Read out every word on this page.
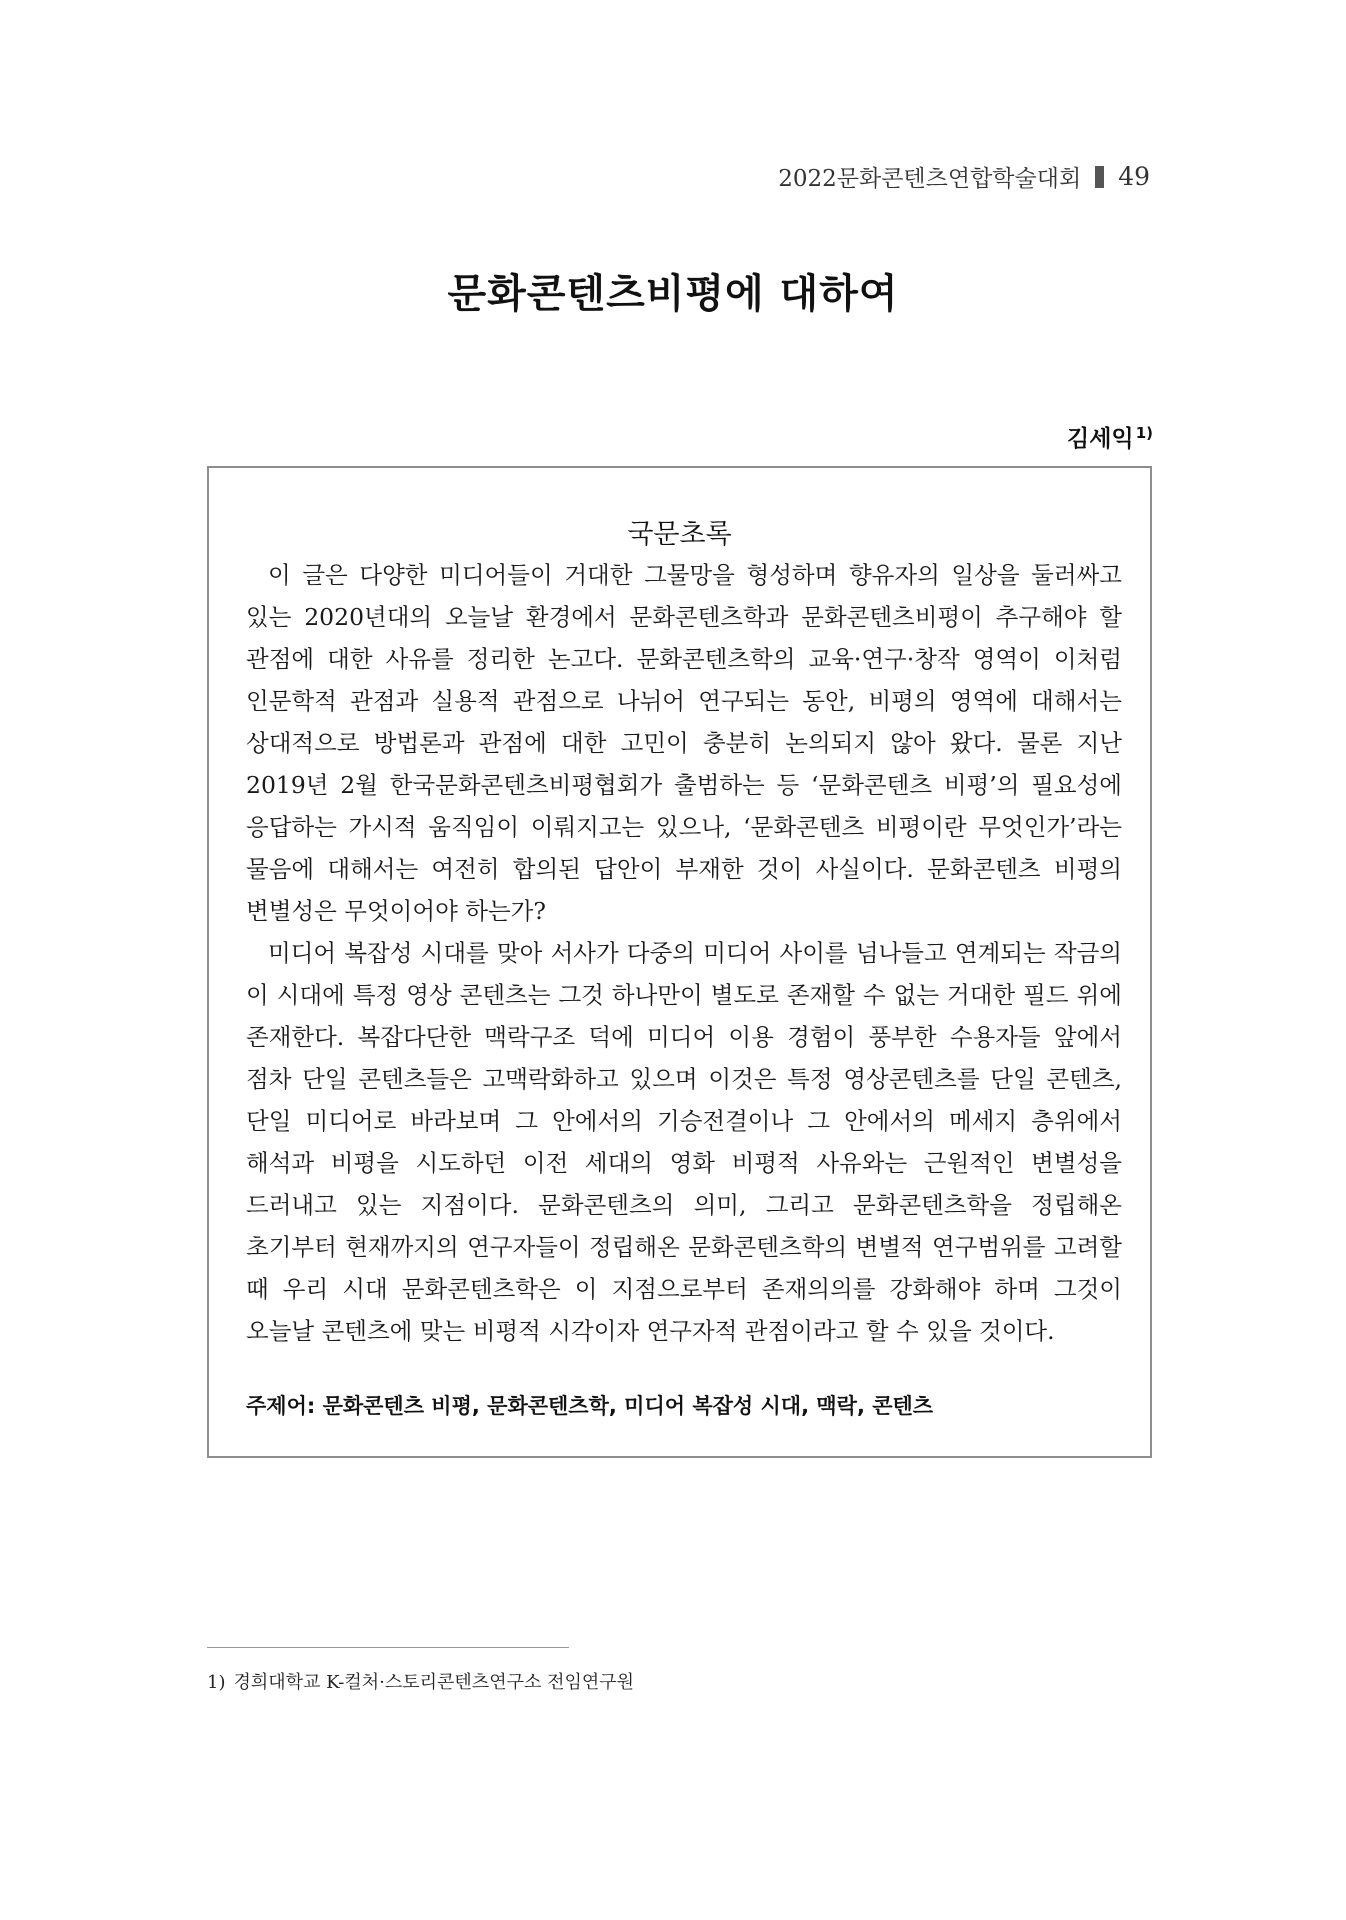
2022문화콘텐츠연합학술대회 49
문화콘텐츠비평에 대하여
김세익 $^{1)}$
국문초록

이 글은 다양한 미디어들이 거대한 그물망을 형성하며 향유자의 일상을 둘러싸고 있는 2020년대의 오늘날 환경에서 문화콘텐츠학과 문화콘텐츠비평이 추구해야 할 관점에 대한 사유를 정리한 논고다. 문화콘텐츠학의 교육·연구·창작 영역이 이처럼 인문학적 관점과 실용적 관점으로 나뉘어 연구되는 동안, 비평의 영역에 대해서는 상대적으로 방법론과 관점에 대한 고민이 충분히 논의되지 않아 왔다. 물론 지난 2019년 2월 한국문화콘텐츠비평협회가 출범하는 등 ‘문화콘텐츠 비평’의 필요성에 응답하는 가시적 움직임이 이뤄지고는 있으나, ‘문화콘텐츠 비평이란 무엇인가’라는 물음에 대해서는 여전히 합의된 답안이 부재한 것이 사실이다. 문화콘텐츠 비평의 변별성은 무엇이어야 하는가?

미디어 복잡성 시대를 맞아 서사가 다중의 미디어 사이를 넘나들고 연계되는 작금의 이 시대에 특정 영상 콘텐츠는 그것 하나만이 별도로 존재할 수 없는 거대한 필드 위에 존재한다. 복잡다단한 맥락구조 덕에 미디어 이용 경험이 풍부한 수용자들 앞에서 점차 단일 콘텐츠들은 고맥락화하고 있으며 이것은 특정 영상콘텐츠를 단일 콘텐츠, 단일 미디어로 바라보며 그 안에서의 기승전결이나 그 안에서의 메세지 층위에서 해석과 비평을 시도하던 이전 세대의 영화 비평적 사유와는 근원적인 변별성을 드러내고 있는 지점이다. 문화콘텐츠의 의미, 그리고 문화콘텐츠학을 정립해온 초기부터 현재까지의 연구자들이 정립해온 문화콘텐츠학의 변별적 연구범위를 고려할 때 우리 시대 문화콘텐츠학은 이 지점으로부터 존재의의를 강화해야 하며 그것이 오늘날 콘텐츠에 맞는 비평적 시각이자 연구자적 관점이라고 할 수 있을 것이다.

주제어: 문화콘텐츠 비평, 문화콘텐츠학, 미디어 복잡성 시대, 맥락, 콘텐츠
1) 경희대학교 K-컬처·스토리콘텐츠연구소 전임연구원
